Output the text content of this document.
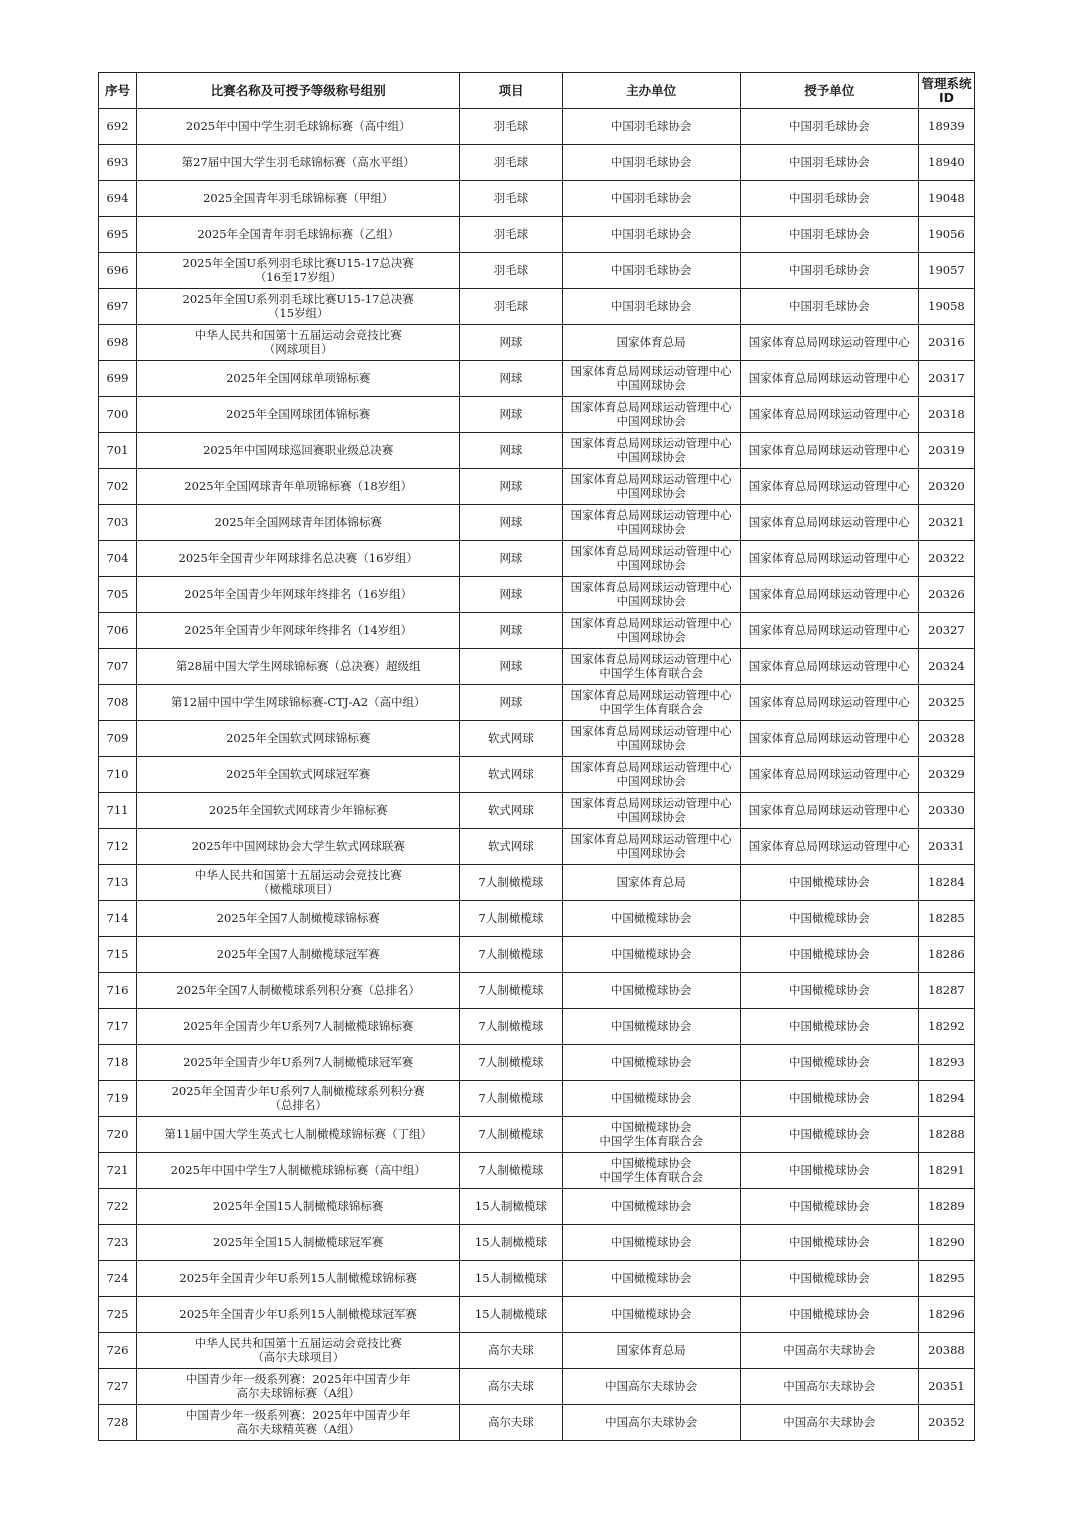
序号	比赛名称及可授予等级称号组别	项目	主办单位	授予单位	管理系统
ID
692	2025年中国中学生羽毛球锦标赛（高中组）	羽毛球	中国羽毛球协会	中国羽毛球协会	18939
693	第27届中国大学生羽毛球锦标赛（高水平组）	羽毛球	中国羽毛球协会	中国羽毛球协会	18940
694	2025全国青年羽毛球锦标赛（甲组）	羽毛球	中国羽毛球协会	中国羽毛球协会	19048
695	2025年全国青年羽毛球锦标赛（乙组）	羽毛球	中国羽毛球协会	中国羽毛球协会	19056
696	2025年全国U系列羽毛球比赛U15-17总决赛
（16至17岁组）	羽毛球	中国羽毛球协会	中国羽毛球协会	19057
697	2025年全国U系列羽毛球比赛U15-17总决赛
（15岁组）	羽毛球	中国羽毛球协会	中国羽毛球协会	19058
698	中华人民共和国第十五届运动会竞技比赛
（网球项目）	网球	国家体育总局	国家体育总局网球运动管理中心	20316
699	2025年全国网球单项锦标赛	网球	国家体育总局网球运动管理中心
中国网球协会	国家体育总局网球运动管理中心	20317
700	2025年全国网球团体锦标赛	网球	国家体育总局网球运动管理中心
中国网球协会	国家体育总局网球运动管理中心	20318
701	2025年中国网球巡回赛职业级总决赛	网球	国家体育总局网球运动管理中心
中国网球协会	国家体育总局网球运动管理中心	20319
702	2025年全国网球青年单项锦标赛（18岁组）	网球	国家体育总局网球运动管理中心
中国网球协会	国家体育总局网球运动管理中心	20320
703	2025年全国网球青年团体锦标赛	网球	国家体育总局网球运动管理中心
中国网球协会	国家体育总局网球运动管理中心	20321
704	2025年全国青少年网球排名总决赛（16岁组）	网球	国家体育总局网球运动管理中心
中国网球协会	国家体育总局网球运动管理中心	20322
705	2025年全国青少年网球年终排名（16岁组）	网球	国家体育总局网球运动管理中心
中国网球协会	国家体育总局网球运动管理中心	20326
706	2025年全国青少年网球年终排名（14岁组）	网球	国家体育总局网球运动管理中心
中国网球协会	国家体育总局网球运动管理中心	20327
707	第28届中国大学生网球锦标赛（总决赛）超级组	网球	国家体育总局网球运动管理中心
中国学生体育联合会	国家体育总局网球运动管理中心	20324
708	第12届中国中学生网球锦标赛-CTJ-A2（高中组）	网球	国家体育总局网球运动管理中心
中国学生体育联合会	国家体育总局网球运动管理中心	20325
709	2025年全国软式网球锦标赛	软式网球	国家体育总局网球运动管理中心
中国网球协会	国家体育总局网球运动管理中心	20328
710	2025年全国软式网球冠军赛	软式网球	国家体育总局网球运动管理中心
中国网球协会	国家体育总局网球运动管理中心	20329
711	2025年全国软式网球青少年锦标赛	软式网球	国家体育总局网球运动管理中心
中国网球协会	国家体育总局网球运动管理中心	20330
712	2025年中国网球协会大学生软式网球联赛	软式网球	国家体育总局网球运动管理中心
中国网球协会	国家体育总局网球运动管理中心	20331
713	中华人民共和国第十五届运动会竞技比赛
（橄榄球项目）	7人制橄榄球	国家体育总局	中国橄榄球协会	18284
714	2025年全国7人制橄榄球锦标赛	7人制橄榄球	中国橄榄球协会	中国橄榄球协会	18285
715	2025年全国7人制橄榄球冠军赛	7人制橄榄球	中国橄榄球协会	中国橄榄球协会	18286
716	2025年全国7人制橄榄球系列积分赛（总排名）	7人制橄榄球	中国橄榄球协会	中国橄榄球协会	18287
717	2025年全国青少年U系列7人制橄榄球锦标赛	7人制橄榄球	中国橄榄球协会	中国橄榄球协会	18292
718	2025年全国青少年U系列7人制橄榄球冠军赛	7人制橄榄球	中国橄榄球协会	中国橄榄球协会	18293
719	2025年全国青少年U系列7人制橄榄球系列积分赛
（总排名）	7人制橄榄球	中国橄榄球协会	中国橄榄球协会	18294
720	第11届中国大学生英式七人制橄榄球锦标赛（丁组）	7人制橄榄球	中国橄榄球协会
中国学生体育联合会	中国橄榄球协会	18288
721	2025年中国中学生7人制橄榄球锦标赛（高中组）	7人制橄榄球	中国橄榄球协会
中国学生体育联合会	中国橄榄球协会	18291
722	2025年全国15人制橄榄球锦标赛	15人制橄榄球	中国橄榄球协会	中国橄榄球协会	18289
723	2025年全国15人制橄榄球冠军赛	15人制橄榄球	中国橄榄球协会	中国橄榄球协会	18290
724	2025年全国青少年U系列15人制橄榄球锦标赛	15人制橄榄球	中国橄榄球协会	中国橄榄球协会	18295
725	2025年全国青少年U系列15人制橄榄球冠军赛	15人制橄榄球	中国橄榄球协会	中国橄榄球协会	18296
726	中华人民共和国第十五届运动会竞技比赛
（高尔夫球项目）	高尔夫球	国家体育总局	中国高尔夫球协会	20388
727	中国青少年一级系列赛：2025年中国青少年
高尔夫球锦标赛（A组）	高尔夫球	中国高尔夫球协会	中国高尔夫球协会	20351
728	中国青少年一级系列赛：2025年中国青少年
高尔夫球精英赛（A组）	高尔夫球	中国高尔夫球协会	中国高尔夫球协会	20352
